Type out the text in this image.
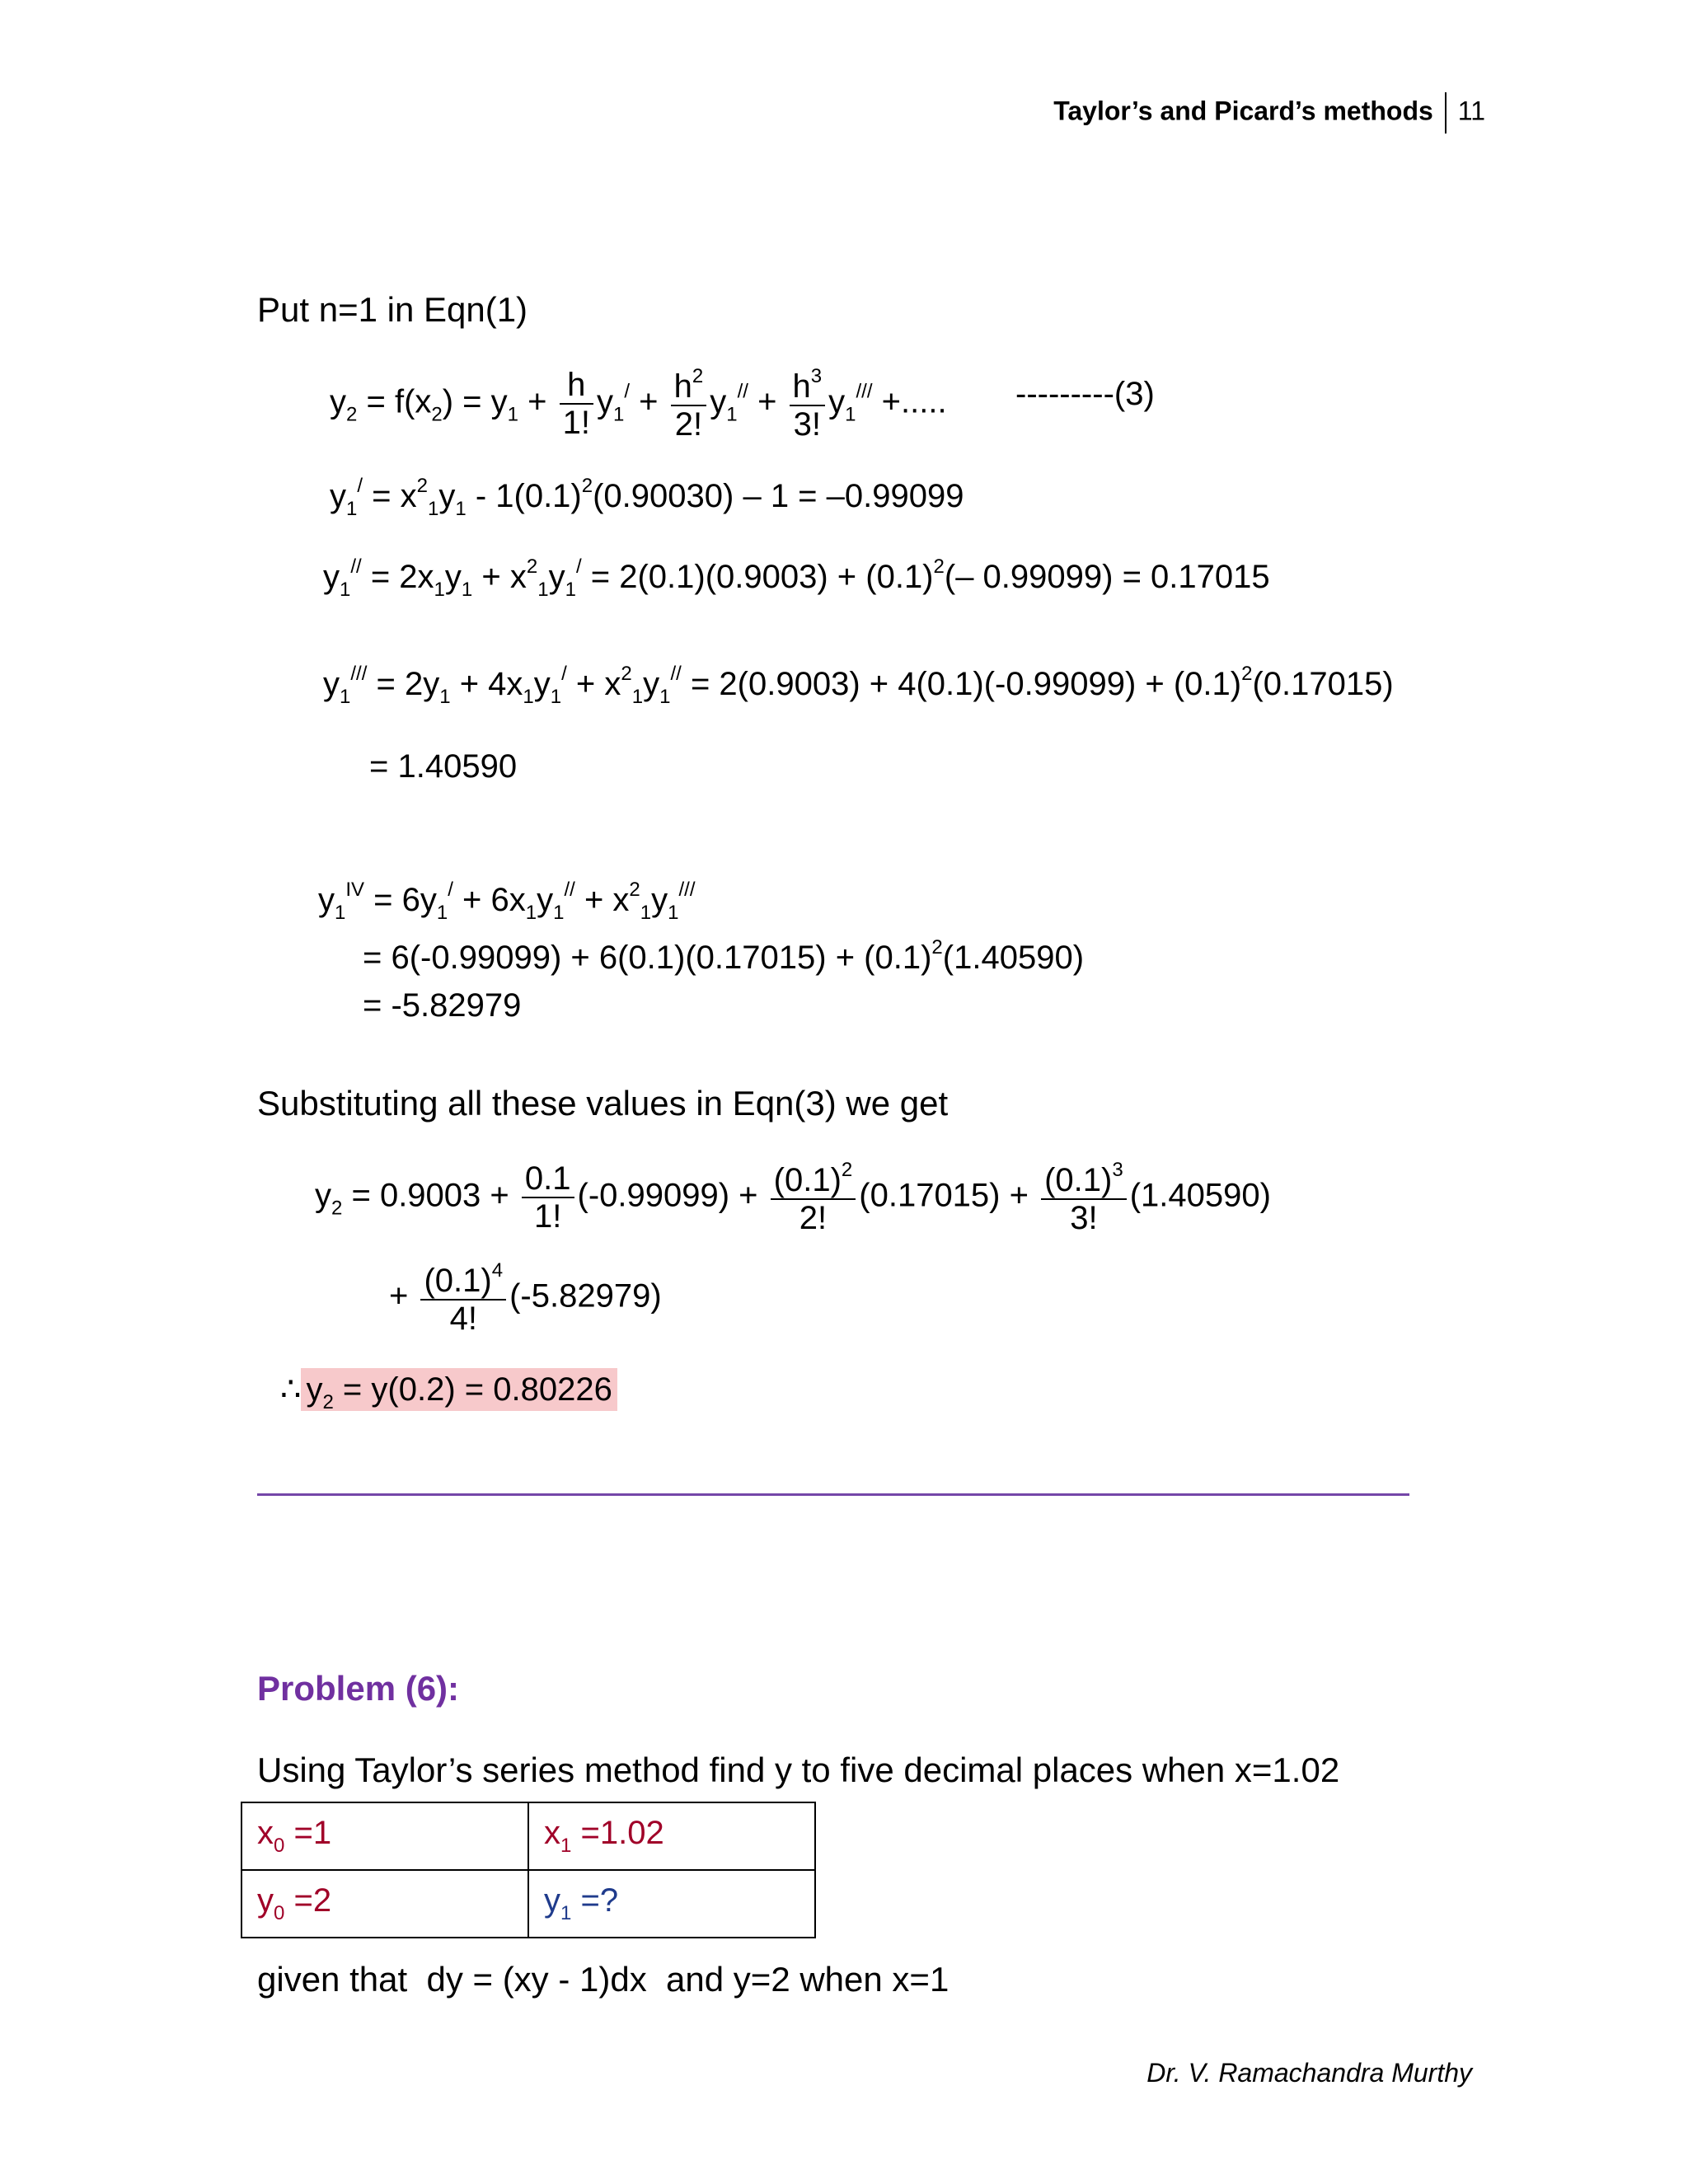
Taylor’s and Picard’s methods 11
Put n=1 in Eqn(1)
$y_2 = f(x_2) = y_1 + \frac{h}{1!} y_1^/ + \frac{h^2}{2!} y_1^{//} + \frac{h^3}{3!} y_1^{///}$ +..... ---------(3)
$y_1^/ = x^2_1y_1 - 1(0.1)^2(0.90030) - 1 = -0.99099$
$y_1^{//} = 2x_1y_1 + x^2_1y_1^/ = 2(0.1)(0.9003) + (0.1)^2(-$ 0.99099) = 0.17015
$y_1^{///} = 2y_1 + 4x_1y_1^/ + x^2_1y_1^{//} = 2(0.9003) + 4(0.1)(-0.99099) + (0.1)^2(0.17015)$
= 1.40590
$y_1^{IV} = 6y_1^/ + 6x_1y_1^{//} + x^2_1y_1^{///}$
= $6(-0.99099) + 6(0.1)(0.17015) + (0.1)^2(1.40590)$
= -5.82979
Substituting all these values in Eqn(3) we get
$y_2 = 0.9003 + \frac{0.1}{1!} (-0.99099) + \frac{(0.1)^2}{2!} (0.17015) + \frac{(0.1)^3}{3!} (1.40590)$
+ $\frac{(0.1)^4}{4!} (-5.82979)$
∴ $y_2 = y(0.2) = 0.80226$
Problem (6):
Using Taylor’s series method find y to five decimal places when x=1.02
$x_0 =1$	$x_1 =1.02$
$y_0 =2$	$y_1$ =?
given that  dy = (xy - 1)dx  and y=2 when x=1
Dr. V. Ramachandra Murthy
